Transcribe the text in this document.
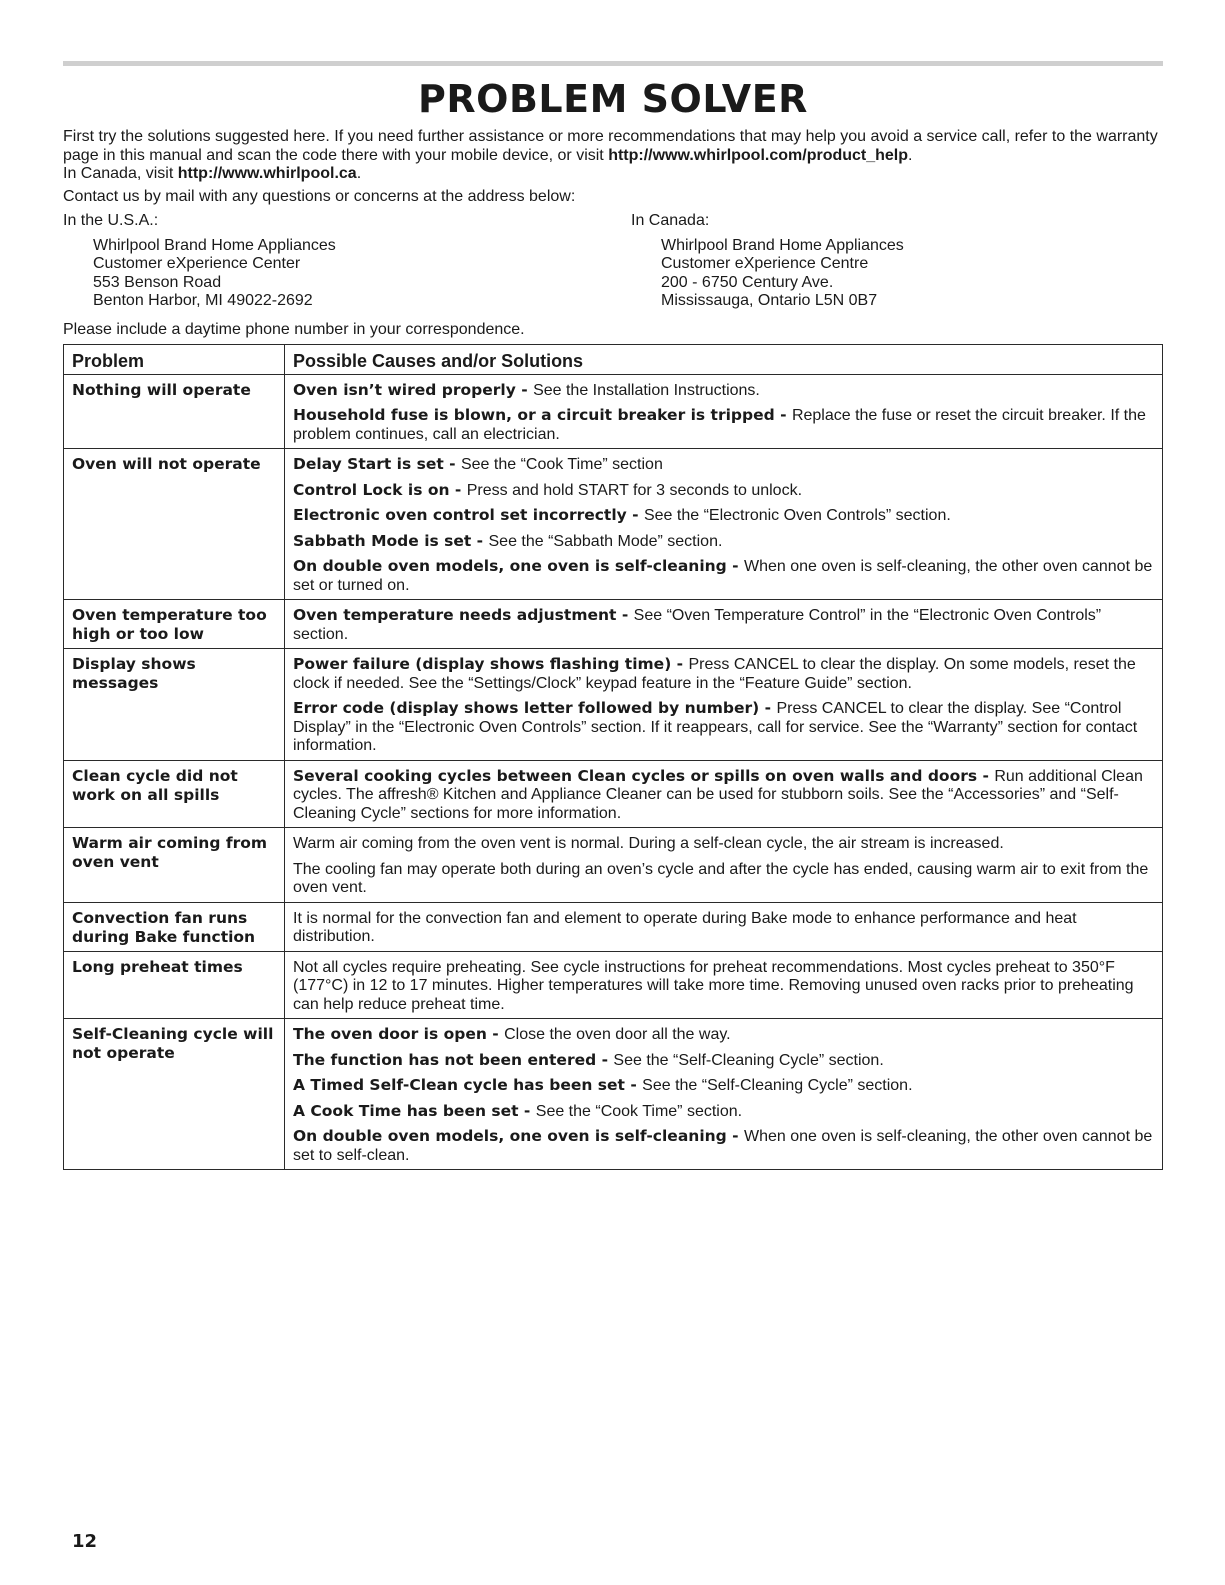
PROBLEM SOLVER

First try the solutions suggested here. If you need further assistance or more recommendations that may help you avoid a service call, refer to the warranty page in this manual and scan the code there with your mobile device, or visit http://www.whirlpool.com/product_help.
In Canada, visit http://www.whirlpool.ca.

Contact us by mail with any questions or concerns at the address below:

In the U.S.A.:

Whirlpool Brand Home Appliances

Customer eXperience Center

553 Benson Road

Benton Harbor, MI 49022-2692

In Canada:

Whirlpool Brand Home Appliances

Customer eXperience Centre

200 - 6750 Century Ave.

Mississauga, Ontario L5N 0B7

Please include a daytime phone number in your correspondence.

Problem	Possible Causes and/or Solutions
Nothing will operate	Oven isn’t wired properly - See the Installation Instructions.
Household fuse is blown, or a circuit breaker is tripped - Replace the fuse or reset the circuit breaker. If the problem continues, call an electrician.

Oven will not operate	Delay Start is set - See the “Cook Time” section
Control Lock is on - Press and hold START for 3 seconds to unlock.
Electronic oven control set incorrectly - See the “Electronic Oven Controls” section.
Sabbath Mode is set - See the “Sabbath Mode” section.
On double oven models, one oven is self-cleaning - When one oven is self-cleaning, the other oven cannot be set or turned on.

Oven temperature too high or too low	Oven temperature needs adjustment - See “Oven Temperature Control” in the “Electronic Oven Controls” section.

Display shows messages	Power failure (display shows flashing time) - Press CANCEL to clear the display. On some models, reset the clock if needed. See the “Settings/Clock” keypad feature in the “Feature Guide” section.
Error code (display shows letter followed by number) - Press CANCEL to clear the display. See “Control Display” in the “Electronic Oven Controls” section. If it reappears, call for service. See the “Warranty” section for contact information.

Clean cycle did not work on all spills	Several cooking cycles between Clean cycles or spills on oven walls and doors - Run additional Clean cycles. The affresh® Kitchen and Appliance Cleaner can be used for stubborn soils. See the “Accessories” and “Self-Cleaning Cycle” sections for more information.

Warm air coming from oven vent	Warm air coming from the oven vent is normal. During a self-clean cycle, the air stream is increased.
The cooling fan may operate both during an oven’s cycle and after the cycle has ended, causing warm air to exit from the oven vent.

Convection fan runs during Bake function	It is normal for the convection fan and element to operate during Bake mode to enhance performance and heat distribution.

Long preheat times	Not all cycles require preheating. See cycle instructions for preheat recommendations. Most cycles preheat to 350°F (177°C) in 12 to 17 minutes. Higher temperatures will take more time. Removing unused oven racks prior to preheating can help reduce preheat time.

Self-Cleaning cycle will not operate	The oven door is open - Close the oven door all the way.
The function has not been entered - See the “Self-Cleaning Cycle” section.
A Timed Self-Clean cycle has been set - See the “Self-Cleaning Cycle” section.
A Cook Time has been set - See the “Cook Time” section.
On double oven models, one oven is self-cleaning - When one oven is self-cleaning, the other oven cannot be set to self-clean.
12
